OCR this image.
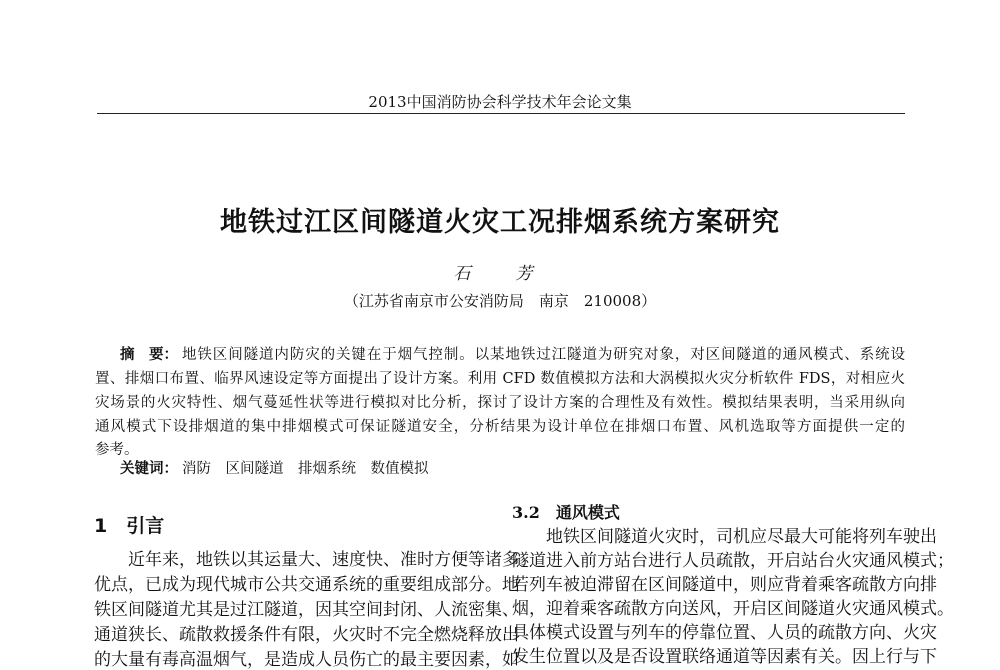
2013中国消防协会科学技术年会论文集
地铁过江区间隧道火灾工况排烟系统方案研究
石　芳
（江苏省南京市公安消防局　南京　210008）
摘　要： 地铁区间隧道内防灾的关键在于烟气控制。以某地铁过江隧道为研究对象，对区间隧道的通风模式、系统设
置、排烟口布置、临界风速设定等方面提出了设计方案。利用 CFD 数值模拟方法和大涡模拟火灾分析软件 FDS，对相应火
灾场景的火灾特性、烟气蔓延性状等进行模拟对比分析，探讨了设计方案的合理性及有效性。模拟结果表明，当采用纵向
通风模式下设排烟道的集中排烟模式可保证隧道安全，分析结果为设计单位在排烟口布置、风机选取等方面提供一定的
参考。
关键词： 消防　区间隧道　排烟系统　数值模拟
1　引言
　　近年来，地铁以其运量大、速度快、准时方便等诸多
优点，已成为现代城市公共交通系统的重要组成部分。地
铁区间隧道尤其是过江隧道，因其空间封闭、人流密集、
通道狭长、疏散救援条件有限，火灾时不完全燃烧释放出
的大量有毒高温烟气，是造成人员伤亡的最主要因素，如
3.2　通风模式
　　地铁区间隧道火灾时，司机应尽最大可能将列车驶出
隧道进入前方站台进行人员疏散，开启站台火灾通风模式；
若列车被迫滞留在区间隧道中，则应背着乘客疏散方向排
烟，迎着乘客疏散方向送风，开启区间隧道火灾通风模式。
具体模式设置与列车的停靠位置、人员的疏散方向、火灾
发生位置以及是否设置联络通道等因素有关。因上行与下
